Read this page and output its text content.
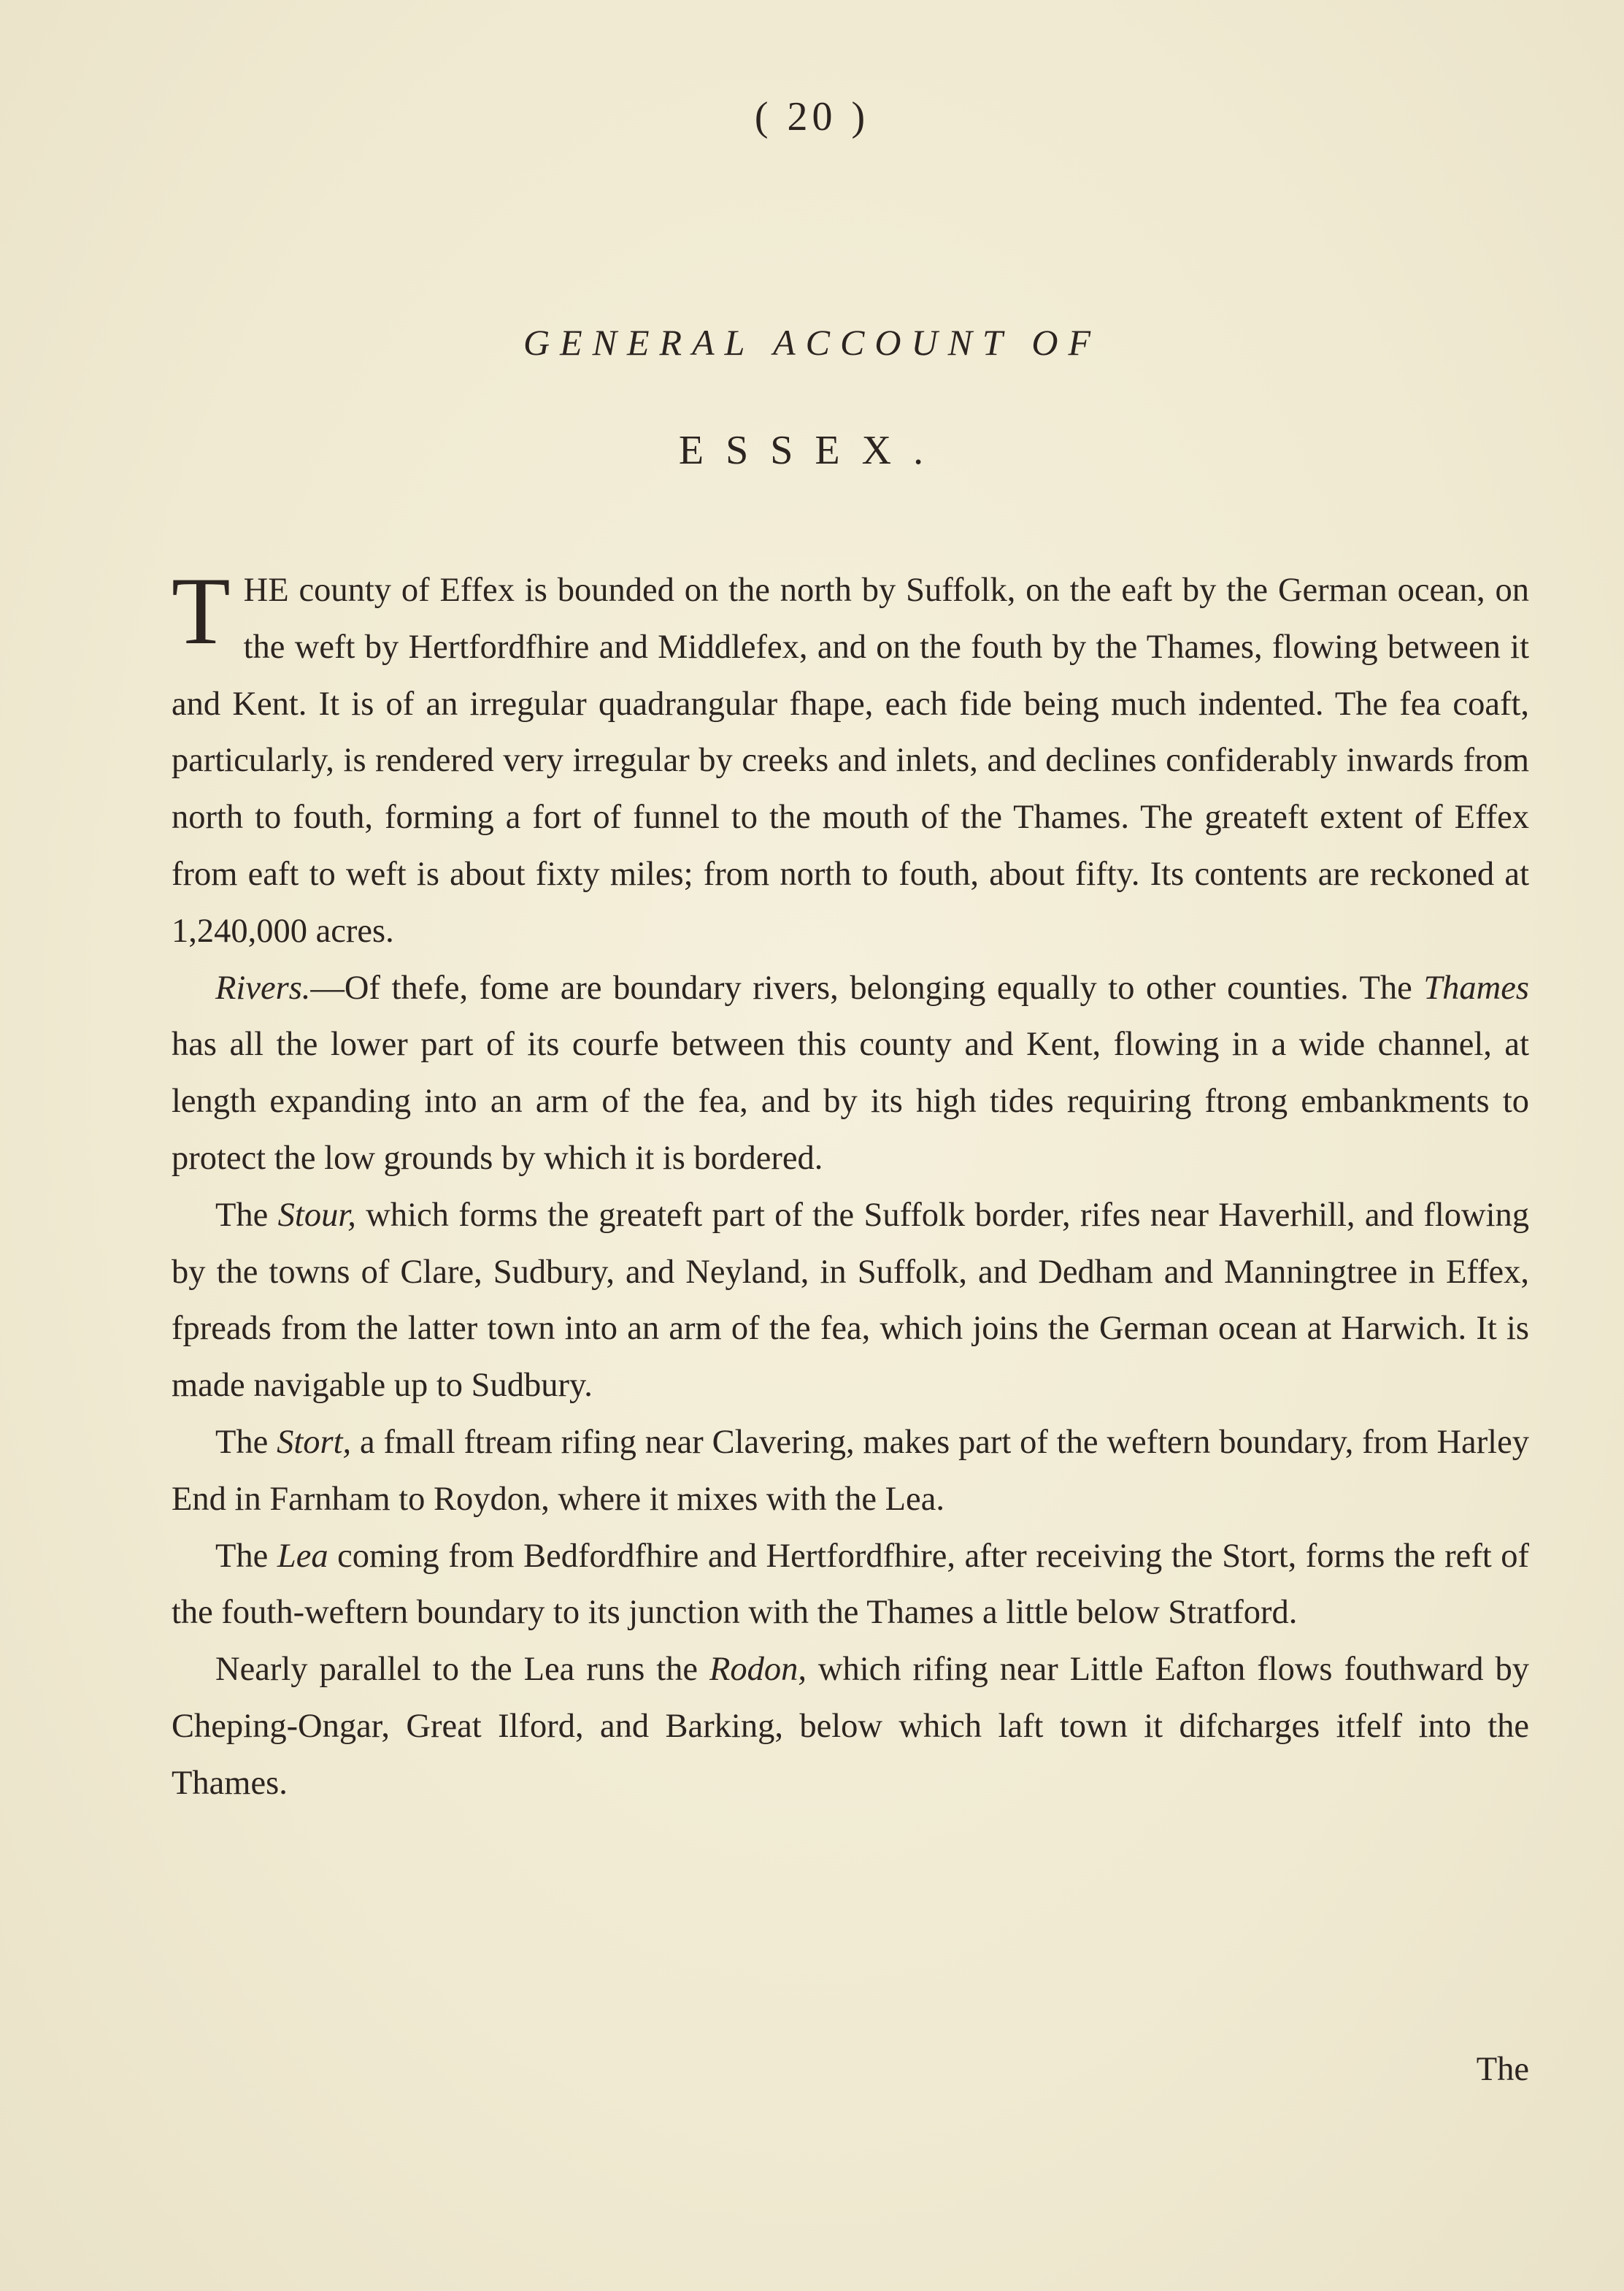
( 20 )
GENERAL ACCOUNT OF
ESSEX.

THE county of Effex is bounded on the north by Suffolk, on the eaft by the German ocean, on the weft by Hertfordfhire and Middlefex, and on the fouth by the Thames, flowing between it and Kent. It is of an irregular quadrangular fhape, each fide being much indented. The fea coaft, particularly, is rendered very irregular by creeks and inlets, and declines confiderably inwards from north to fouth, forming a fort of funnel to the mouth of the Thames. The greateft extent of Effex from eaft to weft is about fixty miles; from north to fouth, about fifty. Its contents are reckoned at 1,240,000 acres.

Rivers.—Of thefe, fome are boundary rivers, belonging equally to other counties. The Thames has all the lower part of its courfe between this county and Kent, flowing in a wide channel, at length expanding into an arm of the fea, and by its high tides requiring ftrong embankments to protect the low grounds by which it is bordered.

The Stour, which forms the greateft part of the Suffolk border, rifes near Haverhill, and flowing by the towns of Clare, Sudbury, and Neyland, in Suffolk, and Dedham and Manningtree in Effex, fpreads from the latter town into an arm of the fea, which joins the German ocean at Harwich. It is made navigable up to Sudbury.

The Stort, a fmall ftream rifing near Clavering, makes part of the weftern boundary, from Harley End in Farnham to Roydon, where it mixes with the Lea.

The Lea coming from Bedfordfhire and Hertfordfhire, after receiving the Stort, forms the reft of the fouth-weftern boundary to its junction with the Thames a little below Stratford.

Nearly parallel to the Lea runs the Rodon, which rifing near Little Eafton flows fouthward by Cheping-Ongar, Great Ilford, and Barking, below which laft town it difcharges itfelf into the Thames.

The
